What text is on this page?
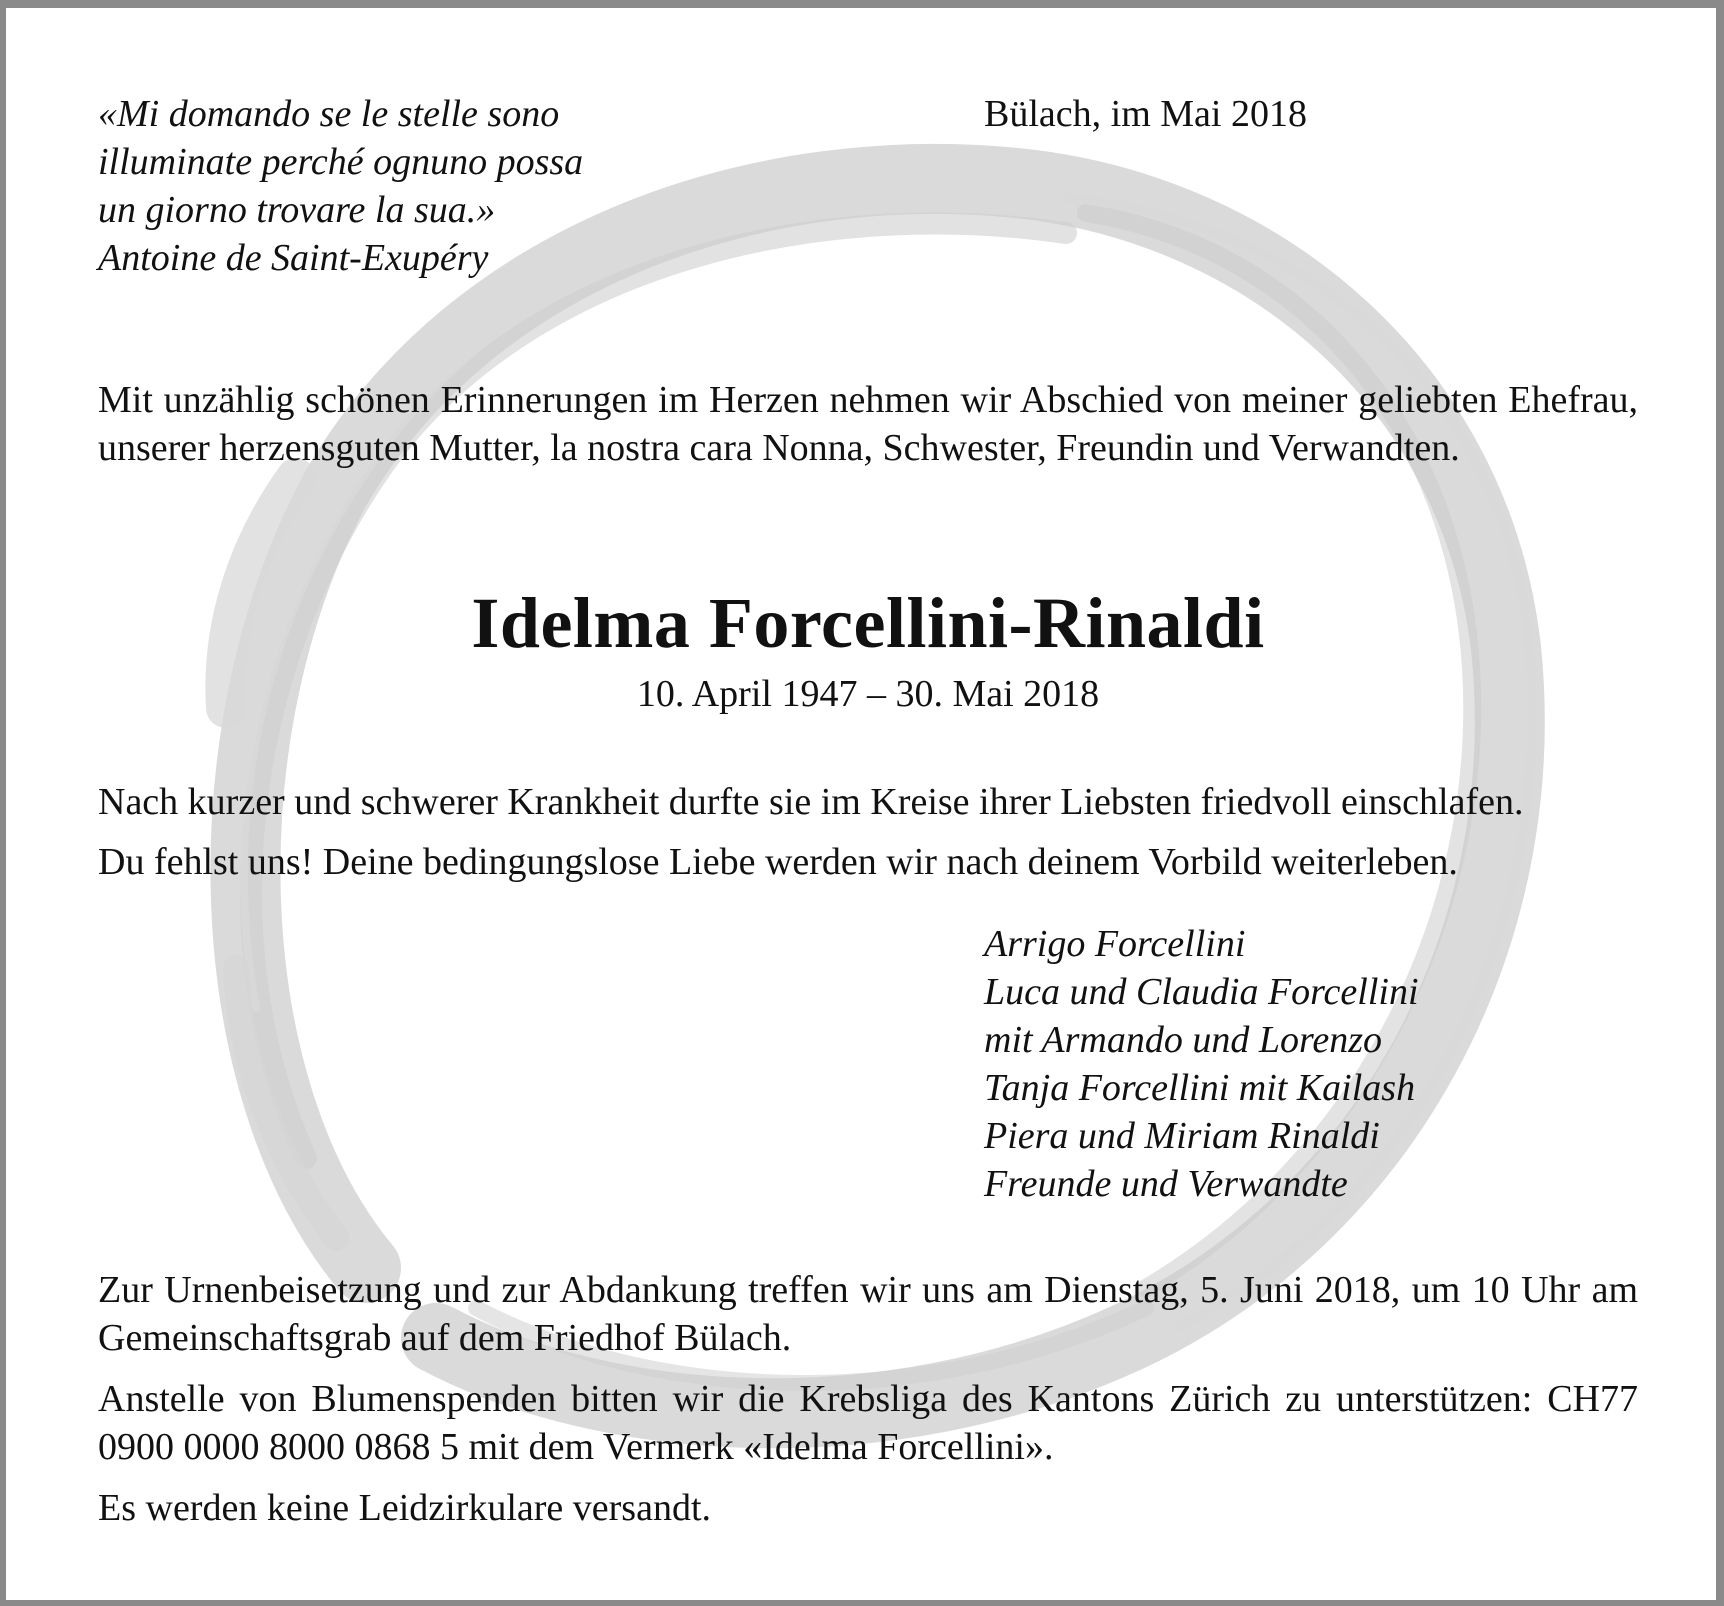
«Mi domando se le stelle sono
illuminate perché ognuno possa
un giorno trovare la sua.»
Antoine de Saint-Exupéry
Bülach, im Mai 2018
Mit unzählig schönen Erinnerungen im Herzen nehmen wir Abschied von meiner geliebten Ehefrau, unserer herzensguten Mutter, la nostra cara Nonna, Schwester, Freundin und Verwandten.
Idelma Forcellini-Rinaldi
10. April 1947 – 30. Mai 2018
Nach kurzer und schwerer Krankheit durfte sie im Kreise ihrer Liebsten friedvoll einschlafen.
Du fehlst uns! Deine bedingungslose Liebe werden wir nach deinem Vorbild weiterleben.
Arrigo Forcellini
Luca und Claudia Forcellini
mit Armando und Lorenzo
Tanja Forcellini mit Kailash
Piera und Miriam Rinaldi
Freunde und Verwandte
Zur Urnenbeisetzung und zur Abdankung treffen wir uns am Dienstag, 5. Juni 2018, um 10 Uhr am Gemeinschaftsgrab auf dem Friedhof Bülach.
Anstelle von Blumenspenden bitten wir die Krebsliga des Kantons Zürich zu unterstützen: CH77 0900 0000 8000 0868 5 mit dem Vermerk «Idelma Forcellini».
Es werden keine Leidzirkulare versandt.
